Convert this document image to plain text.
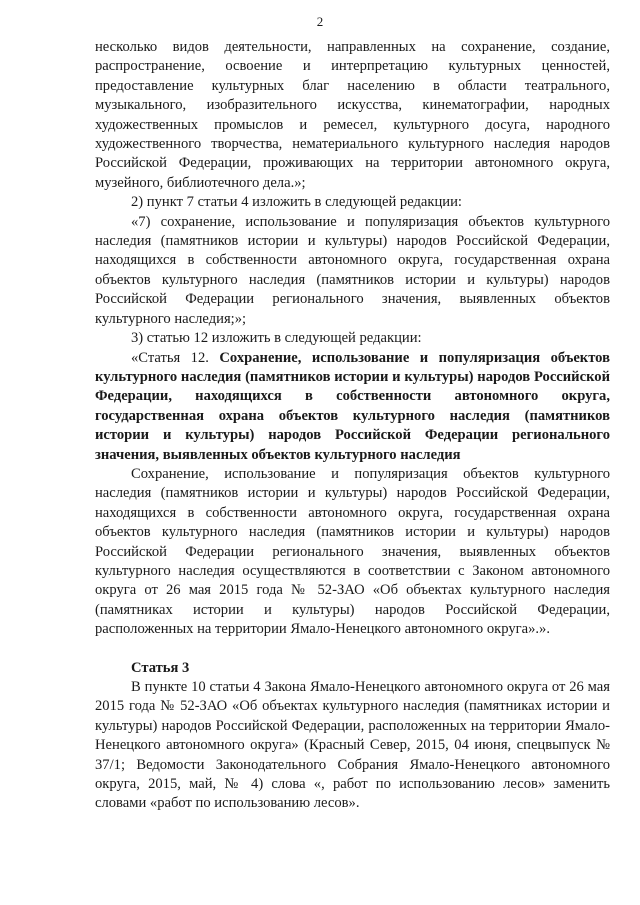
2

несколько видов деятельности, направленных на сохранение, создание, распространение, освоение и интерпретацию культурных ценностей, предоставление культурных благ населению в области театрального, музыкального, изобразительного искусства, кинематографии, народных художественных промыслов и ремесел, культурного досуга, народного художественного творчества, нематериального культурного наследия народов Российской Федерации, проживающих на территории автономного округа, музейного, библиотечного дела.»;

2) пункт 7 статьи 4 изложить в следующей редакции:

«7) сохранение, использование и популяризация объектов культурного наследия (памятников истории и культуры) народов Российской Федерации, находящихся в собственности автономного округа, государственная охрана объектов культурного наследия (памятников истории и культуры) народов Российской Федерации регионального значения, выявленных объектов культурного наследия;»;

3) статью 12 изложить в следующей редакции:

«Статья 12. Сохранение, использование и популяризация объектов культурного наследия (памятников истории и культуры) народов Российской Федерации, находящихся в собственности автономного округа, государственная охрана объектов культурного наследия (памятников истории и культуры) народов Российской Федерации регионального значения, выявленных объектов культурного наследия

Сохранение, использование и популяризация объектов культурного наследия (памятников истории и культуры) народов Российской Федерации, находящихся в собственности автономного округа, государственная охрана объектов культурного наследия (памятников истории и культуры) народов Российской Федерации регионального значения, выявленных объектов культурного наследия осуществляются в соответствии с Законом автономного округа от 26 мая 2015 года № 52-ЗАО «Об объектах культурного наследия (памятниках истории и культуры) народов Российской Федерации, расположенных на территории Ямало-Ненецкого автономного округа».».

Статья 3

В пункте 10 статьи 4 Закона Ямало-Ненецкого автономного округа от 26 мая 2015 года № 52-ЗАО «Об объектах культурного наследия (памятниках истории и культуры) народов Российской Федерации, расположенных на территории Ямало-Ненецкого автономного округа» (Красный Север, 2015, 04 июня, спецвыпуск № 37/1; Ведомости Законодательного Собрания Ямало-Ненецкого автономного округа, 2015, май, № 4) слова «, работ по использованию лесов» заменить словами «работ по использованию лесов».
